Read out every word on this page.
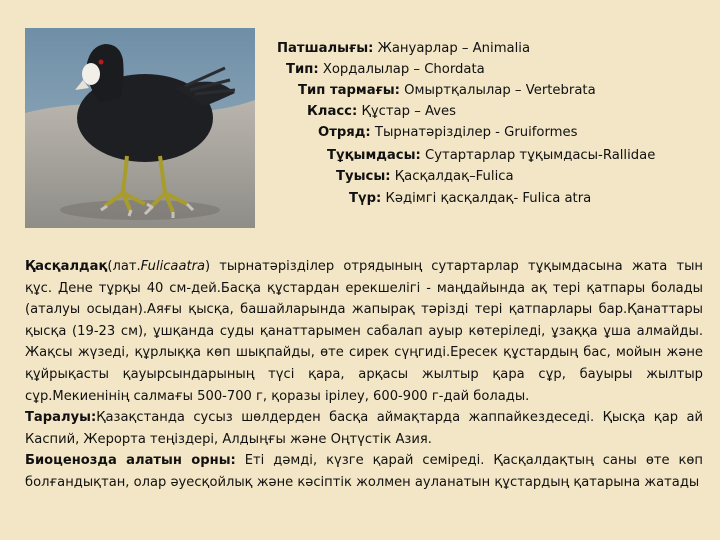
Патшалығы: Жануарлар – Animalia
Тип: Хордалылар – Chordata
Тип тармағы: Омыртқалылар – Vertebrata
Класс: Құстар – Aves
Отряд: Тырнатәрізділер - Gruiformes
Тұқымдасы: Сутартарлар тұқымдасы-Rallidae
Туысы: Қасқалдақ–Fulica
Түр: Кәдімгі қасқалдақ- Fulica atra

Қасқалдақ(лат.Fulicaatra) тырнатәрізділер отрядының сутартарлар тұқымдасына жата тын құс. Дене тұрқы 40 см-дей.Басқа құстардан ерекшелігі - маңдайында ақ тері қатпары болады (аталуы осыдан).Аяғы қысқа, башайларында жапырақ тәрізді тері қатпарлары бар.Қанаттары қысқа (19-23 см), ұшқанда суды қанаттарымен сабалап ауыр көтеріледі, ұзаққа ұша алмайды. Жақсы жүзеді, құрлыққа көп шықпайды, өте сирек сүңгиді.Ересек құстардың бас, мойын және құйрықасты қауырсындарының түсі қара, арқасы жылтыр қара сұр, бауыры жылтыр сұр.Мекиенінің салмағы 500-700 г, қоразы ірілеу, 600-900 г-дай болады.

Таралуы:Қазақстанда сусыз шөлдерден басқа аймақтарда жаппайкездеседі. Қысқа қар ай Каспий, Жерорта теңіздері, Алдыңғы және Оңтүстік Азия.

Биоценозда алатын орны: Еті дәмді, күзге қарай семіреді. Қасқалдақтың саны өте көп болғандықтан, олар әуесқойлық және кәсіптік жолмен ауланатын құстардың қатарына жатады
